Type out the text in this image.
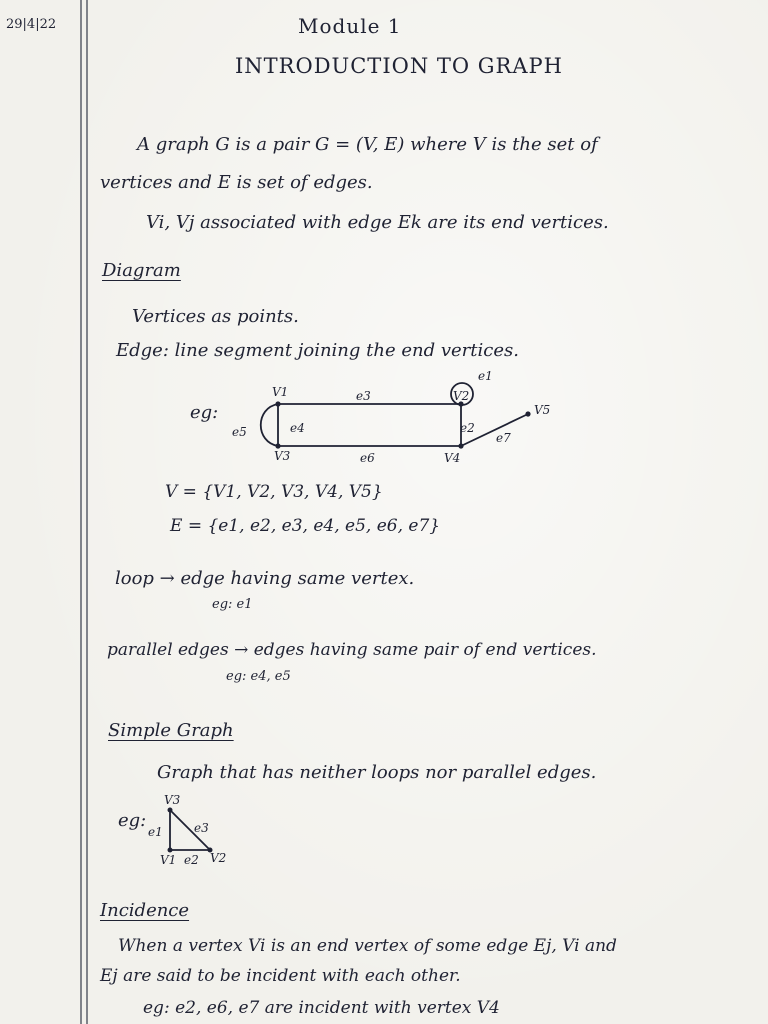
29|4|22	Module 1
INTRODUCTION TO GRAPH
A graph G is a pair G = (V, E) where V is the set of
vertices and E is set of edges.
Vi, Vj associated with edge Ek are its end vertices.
Diagram
Vertices as points.
Edge: line segment joining the end vertices.
eg:
V1	V2
V3	V4
V5
e1
e2
e3
e4
e5
e6
e7
V3
V1	V2
e1
e2
e3
V = {V1, V2, V3, V4, V5}
E = {e1, e2, e3, e4, e5, e6, e7}
loop → edge having same vertex.
eg: e1
parallel edges → edges having same pair of end vertices.
eg: e4, e5
Simple Graph
Graph that has neither loops nor parallel edges.
eg:
Incidence
When a vertex Vi is an end vertex of some edge Ej, Vi and
Ej are said to be incident with each other.
eg: e2, e6, e7 are incident with vertex V4
